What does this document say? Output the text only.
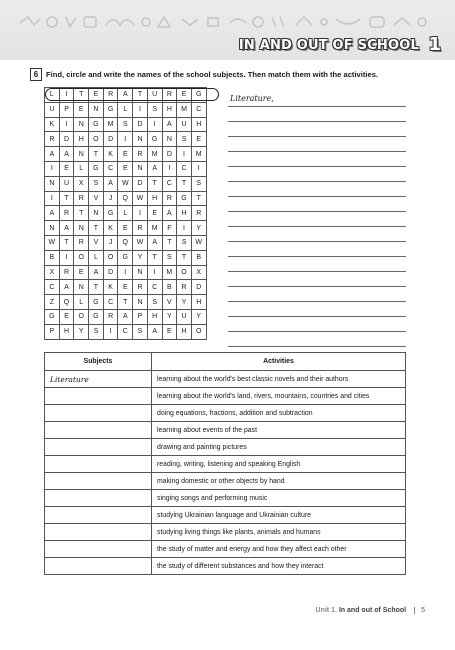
IN AND OUT OF SCHOOL 1
6 Find, circle and write the names of the school subjects. Then match them with the activities.
L	I	T	E	R	A	T	U	R	E	G
U	P	E	N	G	L	I	S	H	M	C
K	I	N	G	M	S	D	I	A	U	H
R	D	H	O	D	I	N	G	N	S	E
A	A	N	T	K	E	R	M	D	I	M
I	E	L	G	C	E	N	A	I	C	I
N	U	X	S	A	W	D	T	C	T	S
I	T	R	V	J	Q	W	H	R	G	T
A	R	T	N	G	L	I	E	A	H	R
N	A	N	T	K	E	R	M	F	I	Y
W	T	R	V	J	Q	W	A	T	S	W
B	I	O	L	O	G	Y	T	S	T	B
X	R	E	A	D	I	N	I	M	O	X
C	A	N	T	K	E	R	C	B	R	D
Z	Q	L	G	C	T	N	S	V	Y	H
G	E	O	G	R	A	P	H	Y	U	Y
P	H	Y	S	I	C	S	A	E	H	O
Literature,
Subjects	Activities
Literature	learning about the world's best classic novels and their authors
	learning about the world's land, rivers, mountains, countries and cities
	doing equations, fractions, addition and subtraction
	learning about events of the past
	drawing and painting pictures
	reading, writing, listening and speaking English
	making domestic or other objects by hand
	singing songs and performing music
	studying Ukrainian language and Ukrainian culture
	studying living things like plants, animals and humans
	the study of matter and energy and how they affect each other
	the study of different substances and how they interact
Unit 1. In and out of School 5
